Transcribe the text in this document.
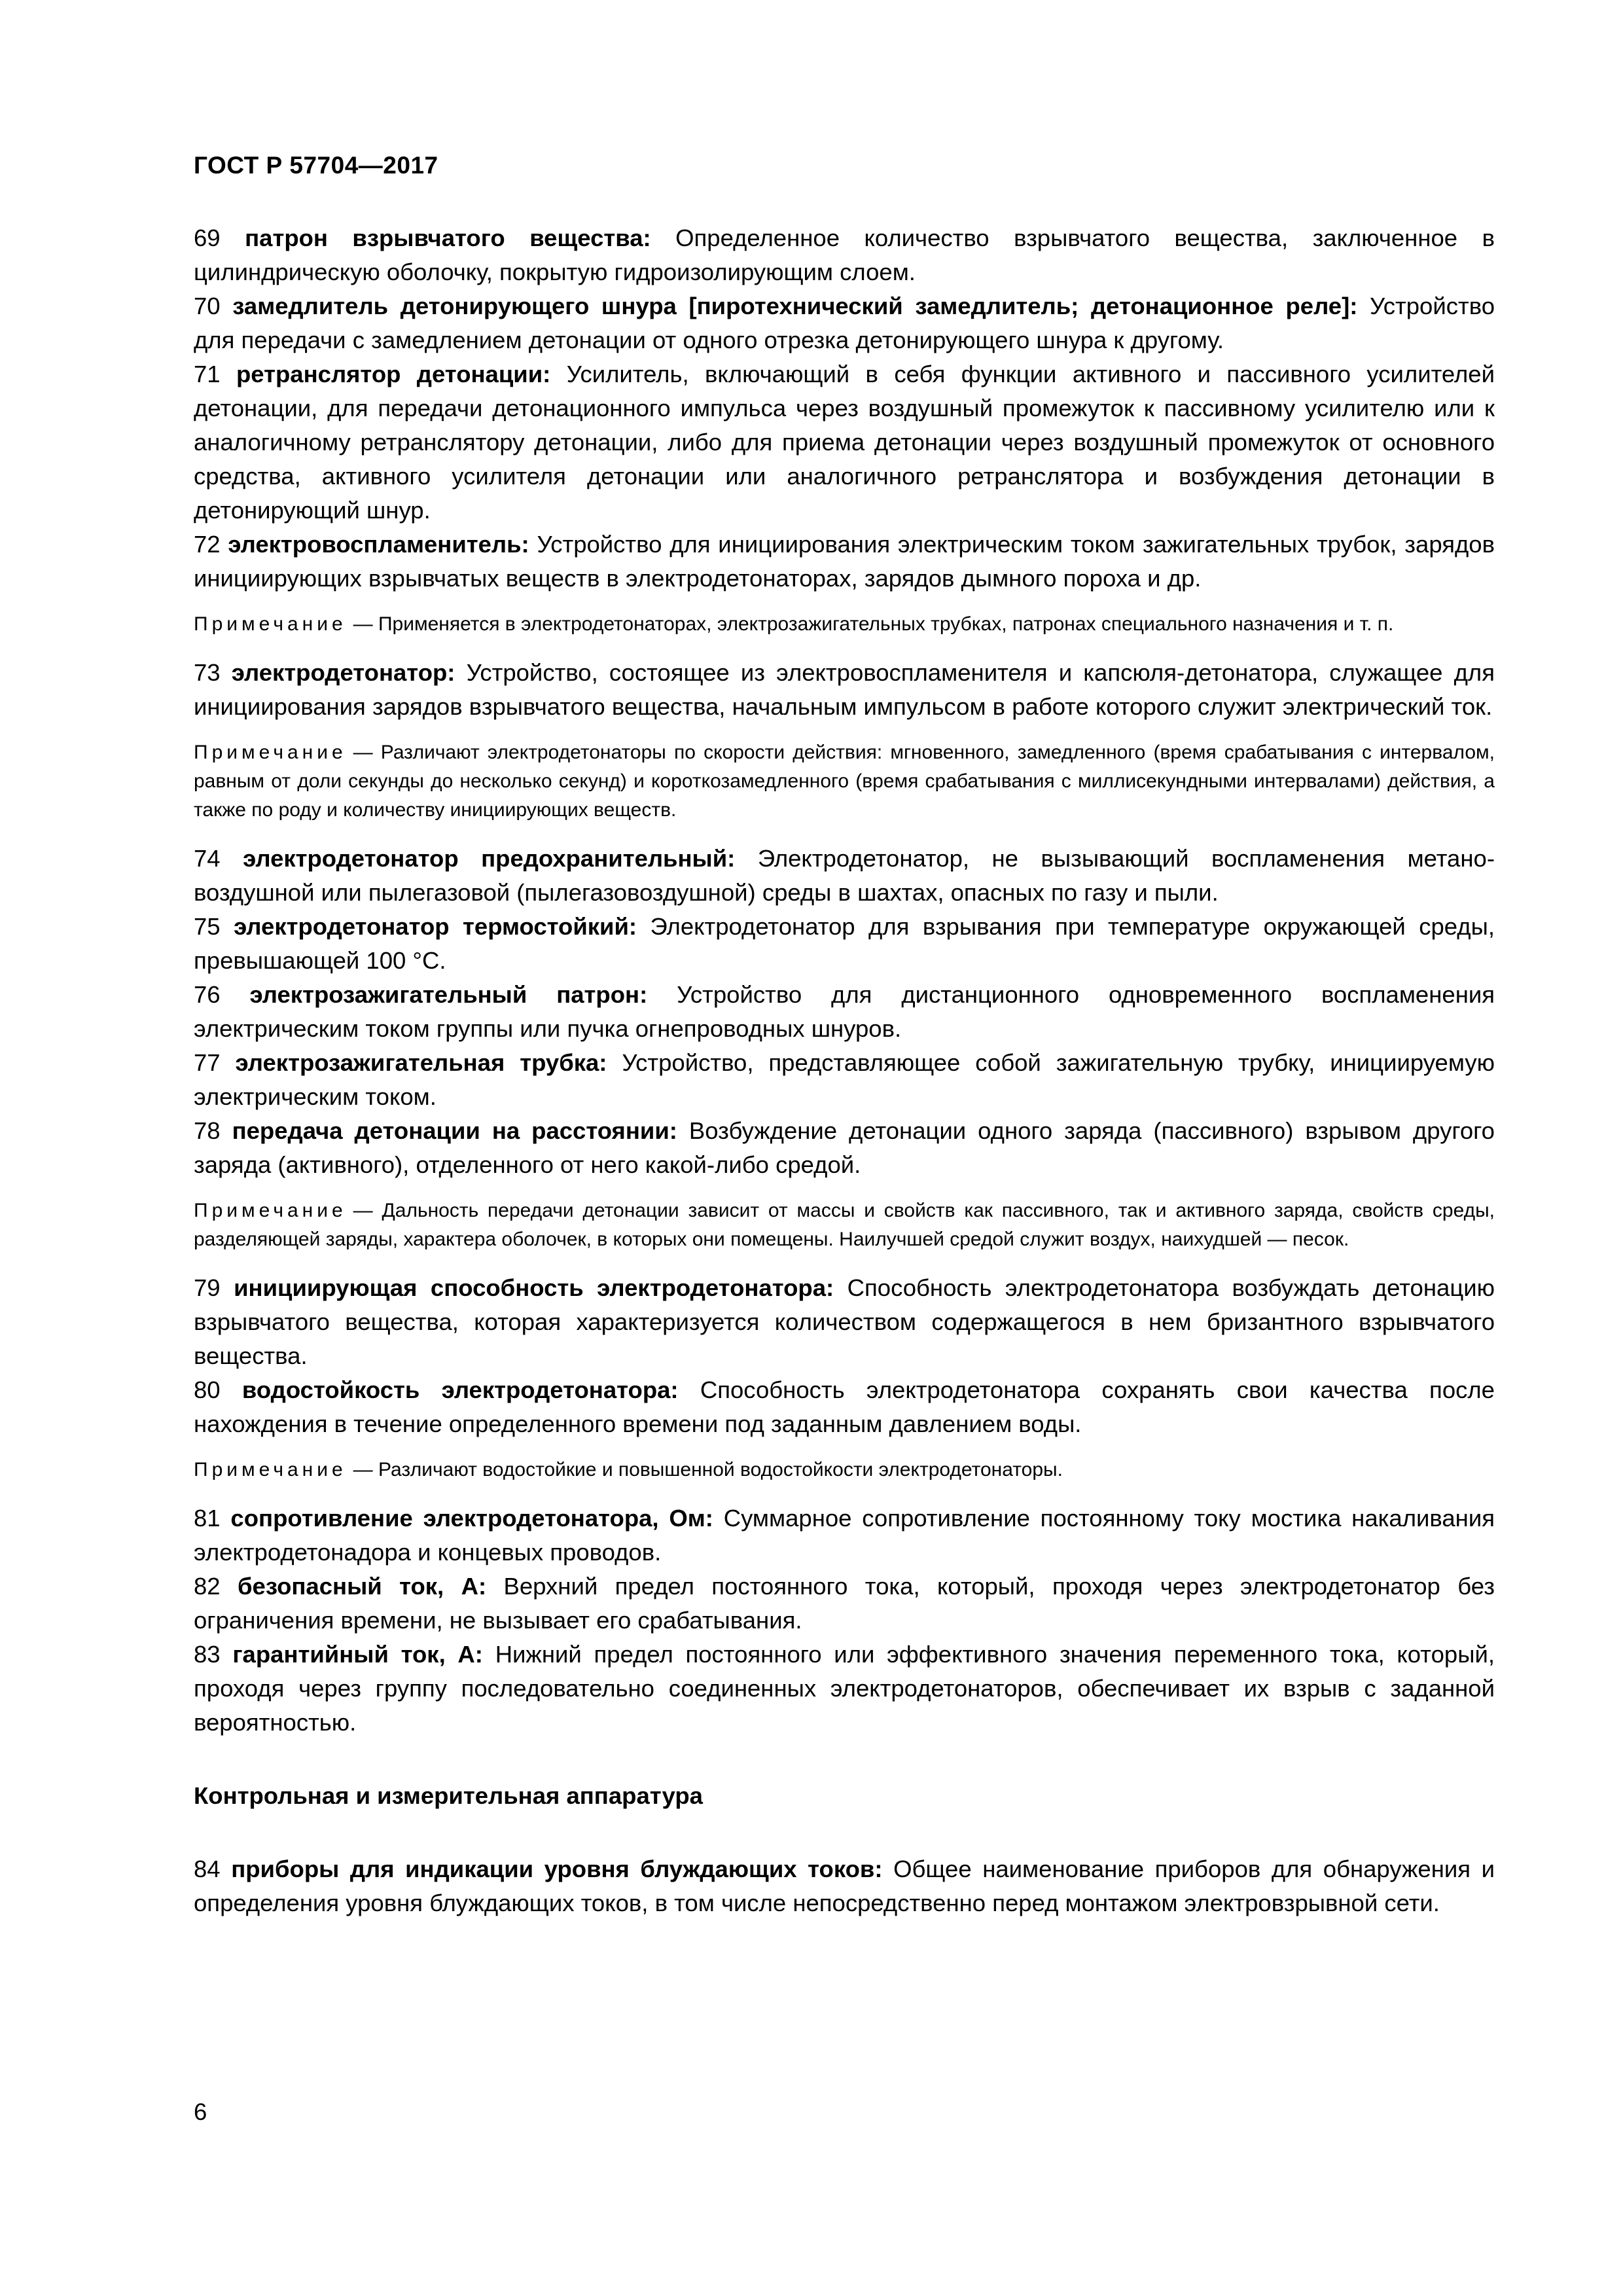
ГОСТ Р 57704—2017

69 патрон взрывчатого вещества: Определенное количество взрывчатого вещества, заключенное в цилиндрическую оболочку, покрытую гидроизолирующим слоем.

70 замедлитель детонирующего шнура [пиротехнический замедлитель; детонационное реле]: Устройство для передачи с замедлением детонации от одного отрезка детонирующего шнура к другому.

71 ретранслятор детонации: Усилитель, включающий в себя функции активного и пассивного усилителей детонации, для передачи детонационного импульса через воздушный промежуток к пассивному усилителю или к аналогичному ретранслятору детонации, либо для приема детонации через воздушный промежуток от основного средства, активного усилителя детонации или аналогичного ретранслятора и возбуждения детонации в детонирующий шнур.

72 электровоспламенитель: Устройство для инициирования электрическим током зажигательных трубок, зарядов инициирующих взрывчатых веществ в электродетонаторах, зарядов дымного пороха и др.

Примечание — Применяется в электродетонаторах, электрозажигательных трубках, патронах специального назначения и т. п.

73 электродетонатор: Устройство, состоящее из электровоспламенителя и капсюля-детонатора, служащее для инициирования зарядов взрывчатого вещества, начальным импульсом в работе которого служит электрический ток.

Примечание — Различают электродетонаторы по скорости действия: мгновенного, замедленного (время срабатывания с интервалом, равным от доли секунды до несколько секунд) и короткозамедленного (время срабатывания с миллисекундными интервалами) действия, а также по роду и количеству инициирующих веществ.

74 электродетонатор предохранительный: Электродетонатор, не вызывающий воспламенения метано-воздушной или пылегазовой (пылегазовоздушной) среды в шахтах, опасных по газу и пыли.

75 электродетонатор термостойкий: Электродетонатор для взрывания при температуре окружающей среды, превышающей 100 °С.

76 электрозажигательный патрон: Устройство для дистанционного одновременного воспламенения электрическим током группы или пучка огнепроводных шнуров.

77 электрозажигательная трубка: Устройство, представляющее собой зажигательную трубку, инициируемую электрическим током.

78 передача детонации на расстоянии: Возбуждение детонации одного заряда (пассивного) взрывом другого заряда (активного), отделенного от него какой-либо средой.

Примечание — Дальность передачи детонации зависит от массы и свойств как пассивного, так и активного заряда, свойств среды, разделяющей заряды, характера оболочек, в которых они помещены. Наилучшей средой служит воздух, наихудшей — песок.

79 инициирующая способность электродетонатора: Способность электродетонатора возбуждать детонацию взрывчатого вещества, которая характеризуется количеством содержащегося в нем бризантного взрывчатого вещества.

80 водостойкость электродетонатора: Способность электродетонатора сохранять свои качества после нахождения в течение определенного времени под заданным давлением воды.

Примечание — Различают водостойкие и повышенной водостойкости электродетонаторы.

81 сопротивление электродетонатора, Ом: Суммарное сопротивление постоянному току мостика накаливания электродетонадора и концевых проводов.

82 безопасный ток, А: Верхний предел постоянного тока, который, проходя через электродетонатор без ограничения времени, не вызывает его срабатывания.

83 гарантийный ток, А: Нижний предел постоянного или эффективного значения переменного тока, который, проходя через группу последовательно соединенных электродетонаторов, обеспечивает их взрыв с заданной вероятностью.

Контрольная и измерительная аппаратура

84 приборы для индикации уровня блуждающих токов: Общее наименование приборов для обнаружения и определения уровня блуждающих токов, в том числе непосредственно перед монтажом электровзрывной сети.

6
